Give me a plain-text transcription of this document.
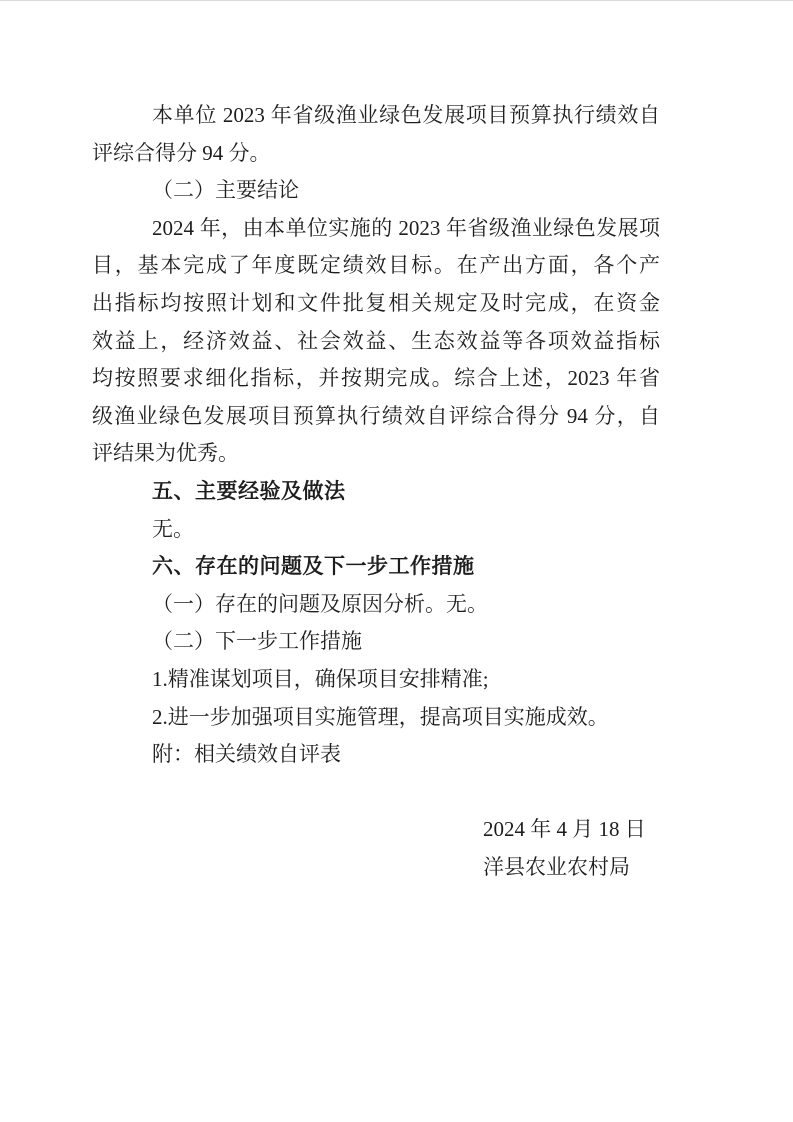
本单位 2023 年省级渔业绿色发展项目预算执行绩效自
评综合得分 94 分。
（二）主要结论
2024 年，由本单位实施的 2023 年省级渔业绿色发展项
目，基本完成了年度既定绩效目标。在产出方面，各个产
出指标均按照计划和文件批复相关规定及时完成，在资金
效益上，经济效益、社会效益、生态效益等各项效益指标
均按照要求细化指标，并按期完成。综合上述，2023 年省
级渔业绿色发展项目预算执行绩效自评综合得分 94 分，自
评结果为优秀。
五、主要经验及做法
无。
六、存在的问题及下一步工作措施
（一）存在的问题及原因分析。无。
（二）下一步工作措施
1.精准谋划项目，确保项目安排精准;
2.进一步加强项目实施管理，提高项目实施成效。
附：相关绩效自评表
2024 年 4 月 18 日
洋县农业农村局
